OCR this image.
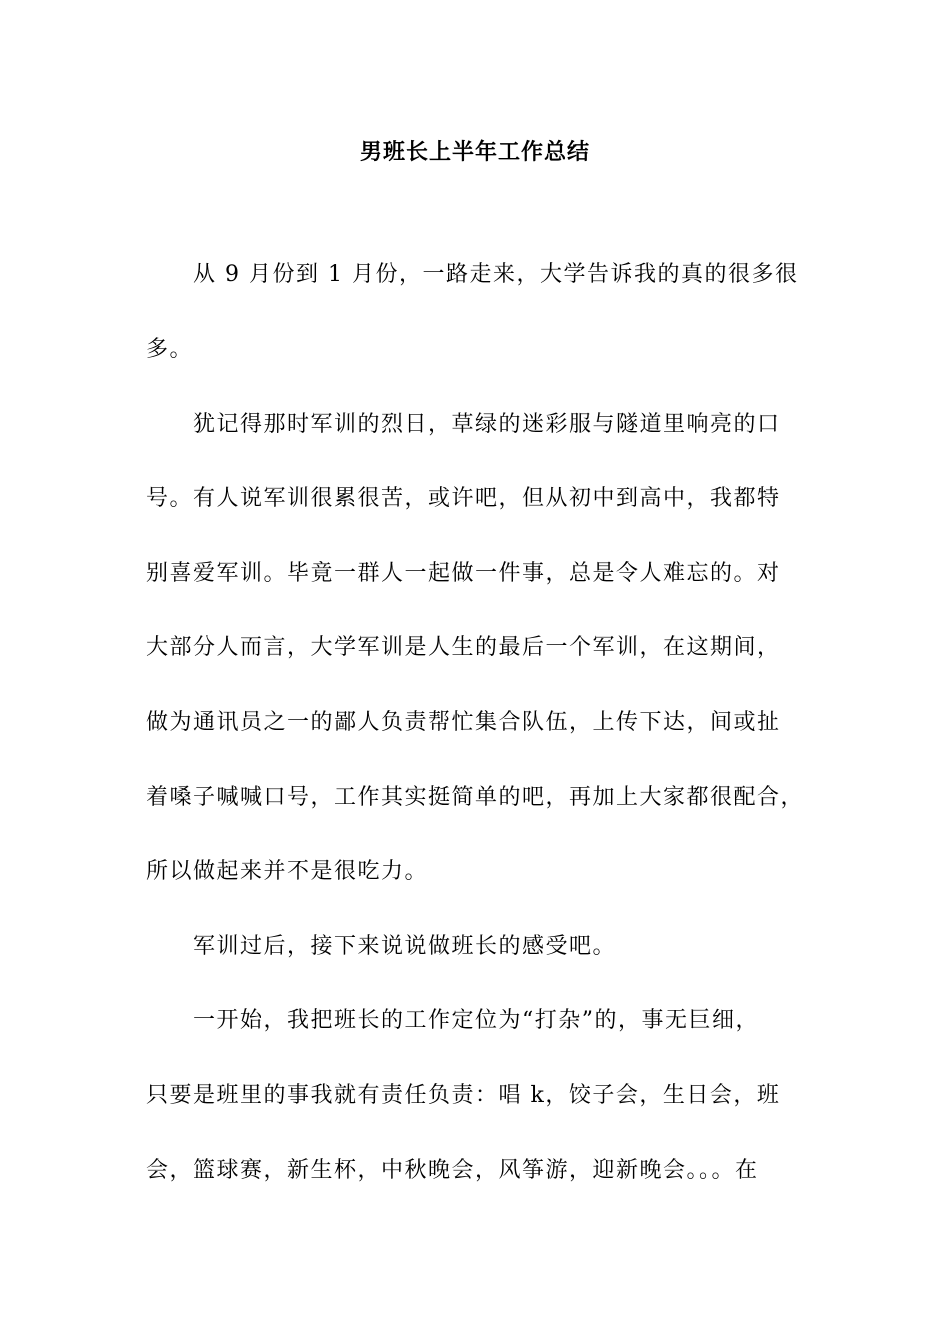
男班长上半年工作总结
　　从 9 月份到 1 月份，一路走来，大学告诉我的真的很多很
多。
　　犹记得那时军训的烈日，草绿的迷彩服与隧道里响亮的口
号。有人说军训很累很苦，或许吧，但从初中到高中，我都特
别喜爱军训。毕竟一群人一起做一件事，总是令人难忘的。对
大部分人而言，大学军训是人生的最后一个军训，在这期间，
做为通讯员之一的鄙人负责帮忙集合队伍，上传下达，间或扯
着嗓子喊喊口号，工作其实挺简单的吧，再加上大家都很配合，
所以做起来并不是很吃力。
　　军训过后，接下来说说做班长的感受吧。
　　一开始，我把班长的工作定位为“打杂”的，事无巨细，
只要是班里的事我就有责任负责：唱 k，饺子会，生日会，班
会，篮球赛，新生杯，中秋晚会，风筝游，迎新晚会。。。在
